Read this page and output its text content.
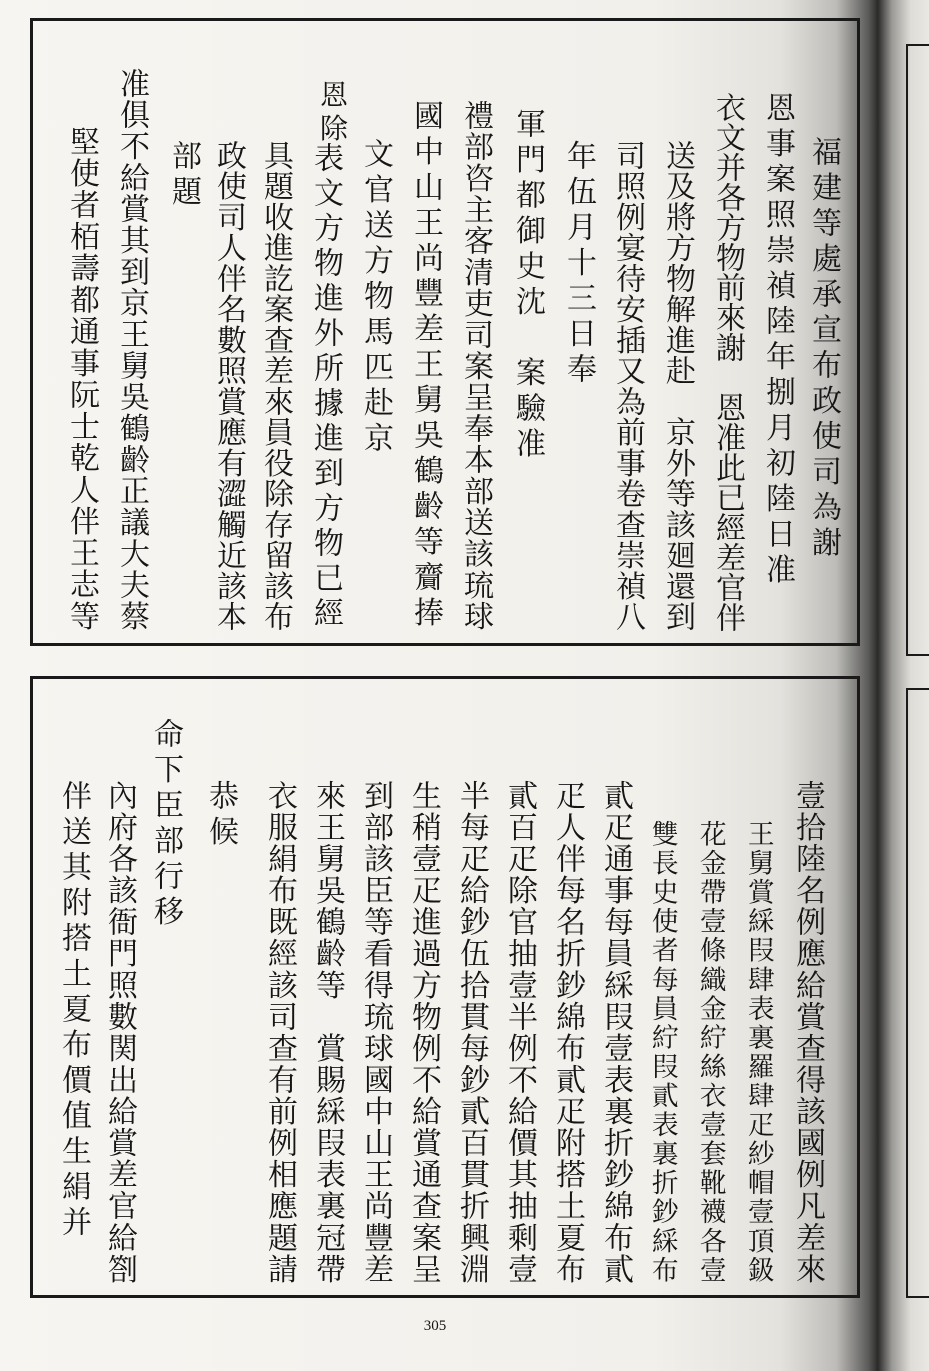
福建等處承宣布政使司為謝
恩事案照崇禎陸年捌月初陸日准
禮部咨主客清吏司案呈奉本部送該琉球
國中山王尚豐差王舅吳鶴齡等齎捧
表文方物進外所據進到方物已經
具題收進訖案查差來員役除存留該布
政使司人伴名數照賞應有澀觸近該本
部題
准俱不給賞其到京王舅吳鶴齡正議大夫蔡
堅使者栢壽都通事阮士乾人伴王志等	衣文并各方物前來謝　恩准此已經差官伴
送及將方物解進赴　京外等該廻還到
司照例宴待安插又為前事卷查崇禎八
年伍月十三日奉
軍門都御史沈　案驗准
文官送方物馬匹赴京
恩除
壹拾陸名例應給賞查得該國例凡差來
王舅賞綵叚肆表裏羅肆疋紗帽壹頂鈒
花金帶壹條織金紵絲衣壹套靴襪各壹
雙長史使者每員紵叚貳表裏折鈔綵布
貳疋通事每員綵叚壹表裏折鈔綿布貳
疋人伴每名折鈔綿布貳疋附搭土夏布
貳百疋除官抽壹半例不給價其抽剩壹
半每疋給鈔伍拾貫每鈔貳百貫折興淵
生稍壹疋進過方物例不給賞通查案呈
到部該臣等看得琉球國中山王尚豐差
來王舅吳鶴齡等　賞賜綵叚表裏冠帶
衣服絹布既經該司查有前例相應題請
恭候
命下臣部行移
內府各該衙門照數関出給賞差官給劄
伴送其附搭土夏布價值生絹并
305
